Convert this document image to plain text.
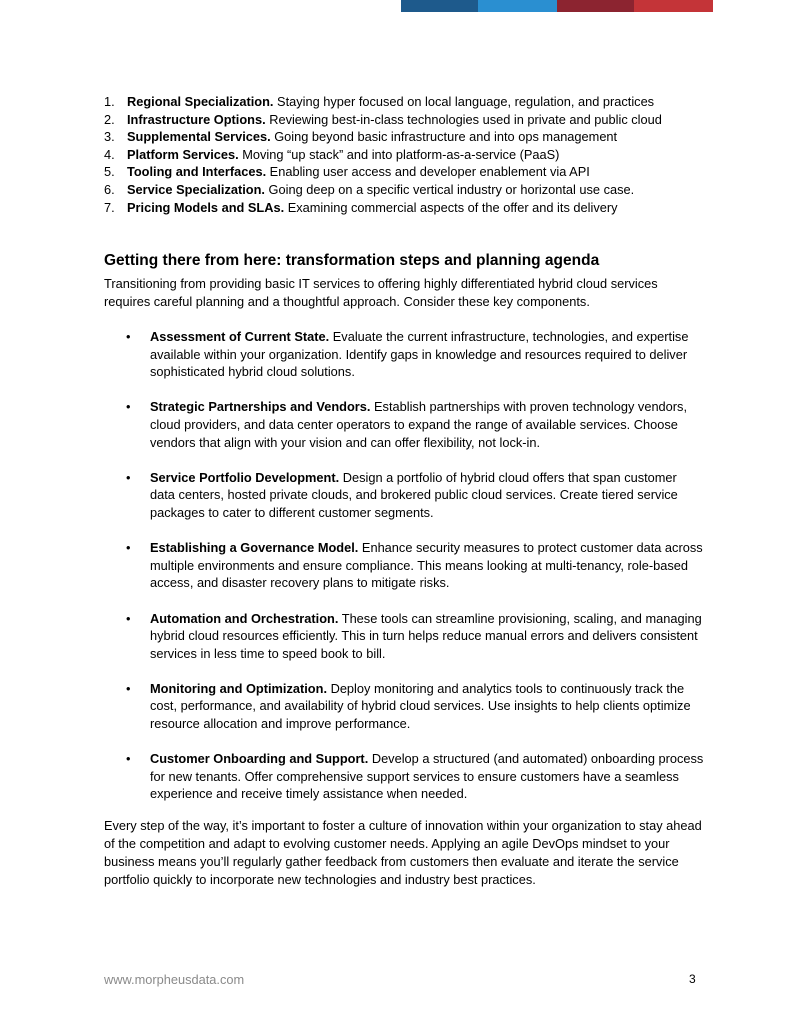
1. Regional Specialization. Staying hyper focused on local language, regulation, and practices
2. Infrastructure Options. Reviewing best-in-class technologies used in private and public cloud
3. Supplemental Services. Going beyond basic infrastructure and into ops management
4. Platform Services. Moving “up stack” and into platform-as-a-service (PaaS)
5. Tooling and Interfaces. Enabling user access and developer enablement via API
6. Service Specialization. Going deep on a specific vertical industry or horizontal use case.
7. Pricing Models and SLAs. Examining commercial aspects of the offer and its delivery
Getting there from here: transformation steps and planning agenda

Transitioning from providing basic IT services to offering highly differentiated hybrid cloud services requires careful planning and a thoughtful approach. Consider these key components.

• Assessment of Current State. Evaluate the current infrastructure, technologies, and expertise available within your organization. Identify gaps in knowledge and resources required to deliver sophisticated hybrid cloud solutions.
• Strategic Partnerships and Vendors. Establish partnerships with proven technology vendors, cloud providers, and data center operators to expand the range of available services. Choose vendors that align with your vision and can offer flexibility, not lock-in.
• Service Portfolio Development. Design a portfolio of hybrid cloud offers that span customer data centers, hosted private clouds, and brokered public cloud services. Create tiered service packages to cater to different customer segments.
• Establishing a Governance Model. Enhance security measures to protect customer data across multiple environments and ensure compliance. This means looking at multi-tenancy, role-based access, and disaster recovery plans to mitigate risks.
• Automation and Orchestration. These tools can streamline provisioning, scaling, and managing hybrid cloud resources efficiently. This in turn helps reduce manual errors and delivers consistent services in less time to speed book to bill.
• Monitoring and Optimization. Deploy monitoring and analytics tools to continuously track the cost, performance, and availability of hybrid cloud services. Use insights to help clients optimize resource allocation and improve performance.
• Customer Onboarding and Support. Develop a structured (and automated) onboarding process for new tenants. Offer comprehensive support services to ensure customers have a seamless experience and receive timely assistance when needed.

Every step of the way, it’s important to foster a culture of innovation within your organization to stay ahead of the competition and adapt to evolving customer needs. Applying an agile DevOps mindset to your business means you’ll regularly gather feedback from customers then evaluate and iterate the service portfolio quickly to incorporate new technologies and industry best practices.

www.morpheusdata.com	3
